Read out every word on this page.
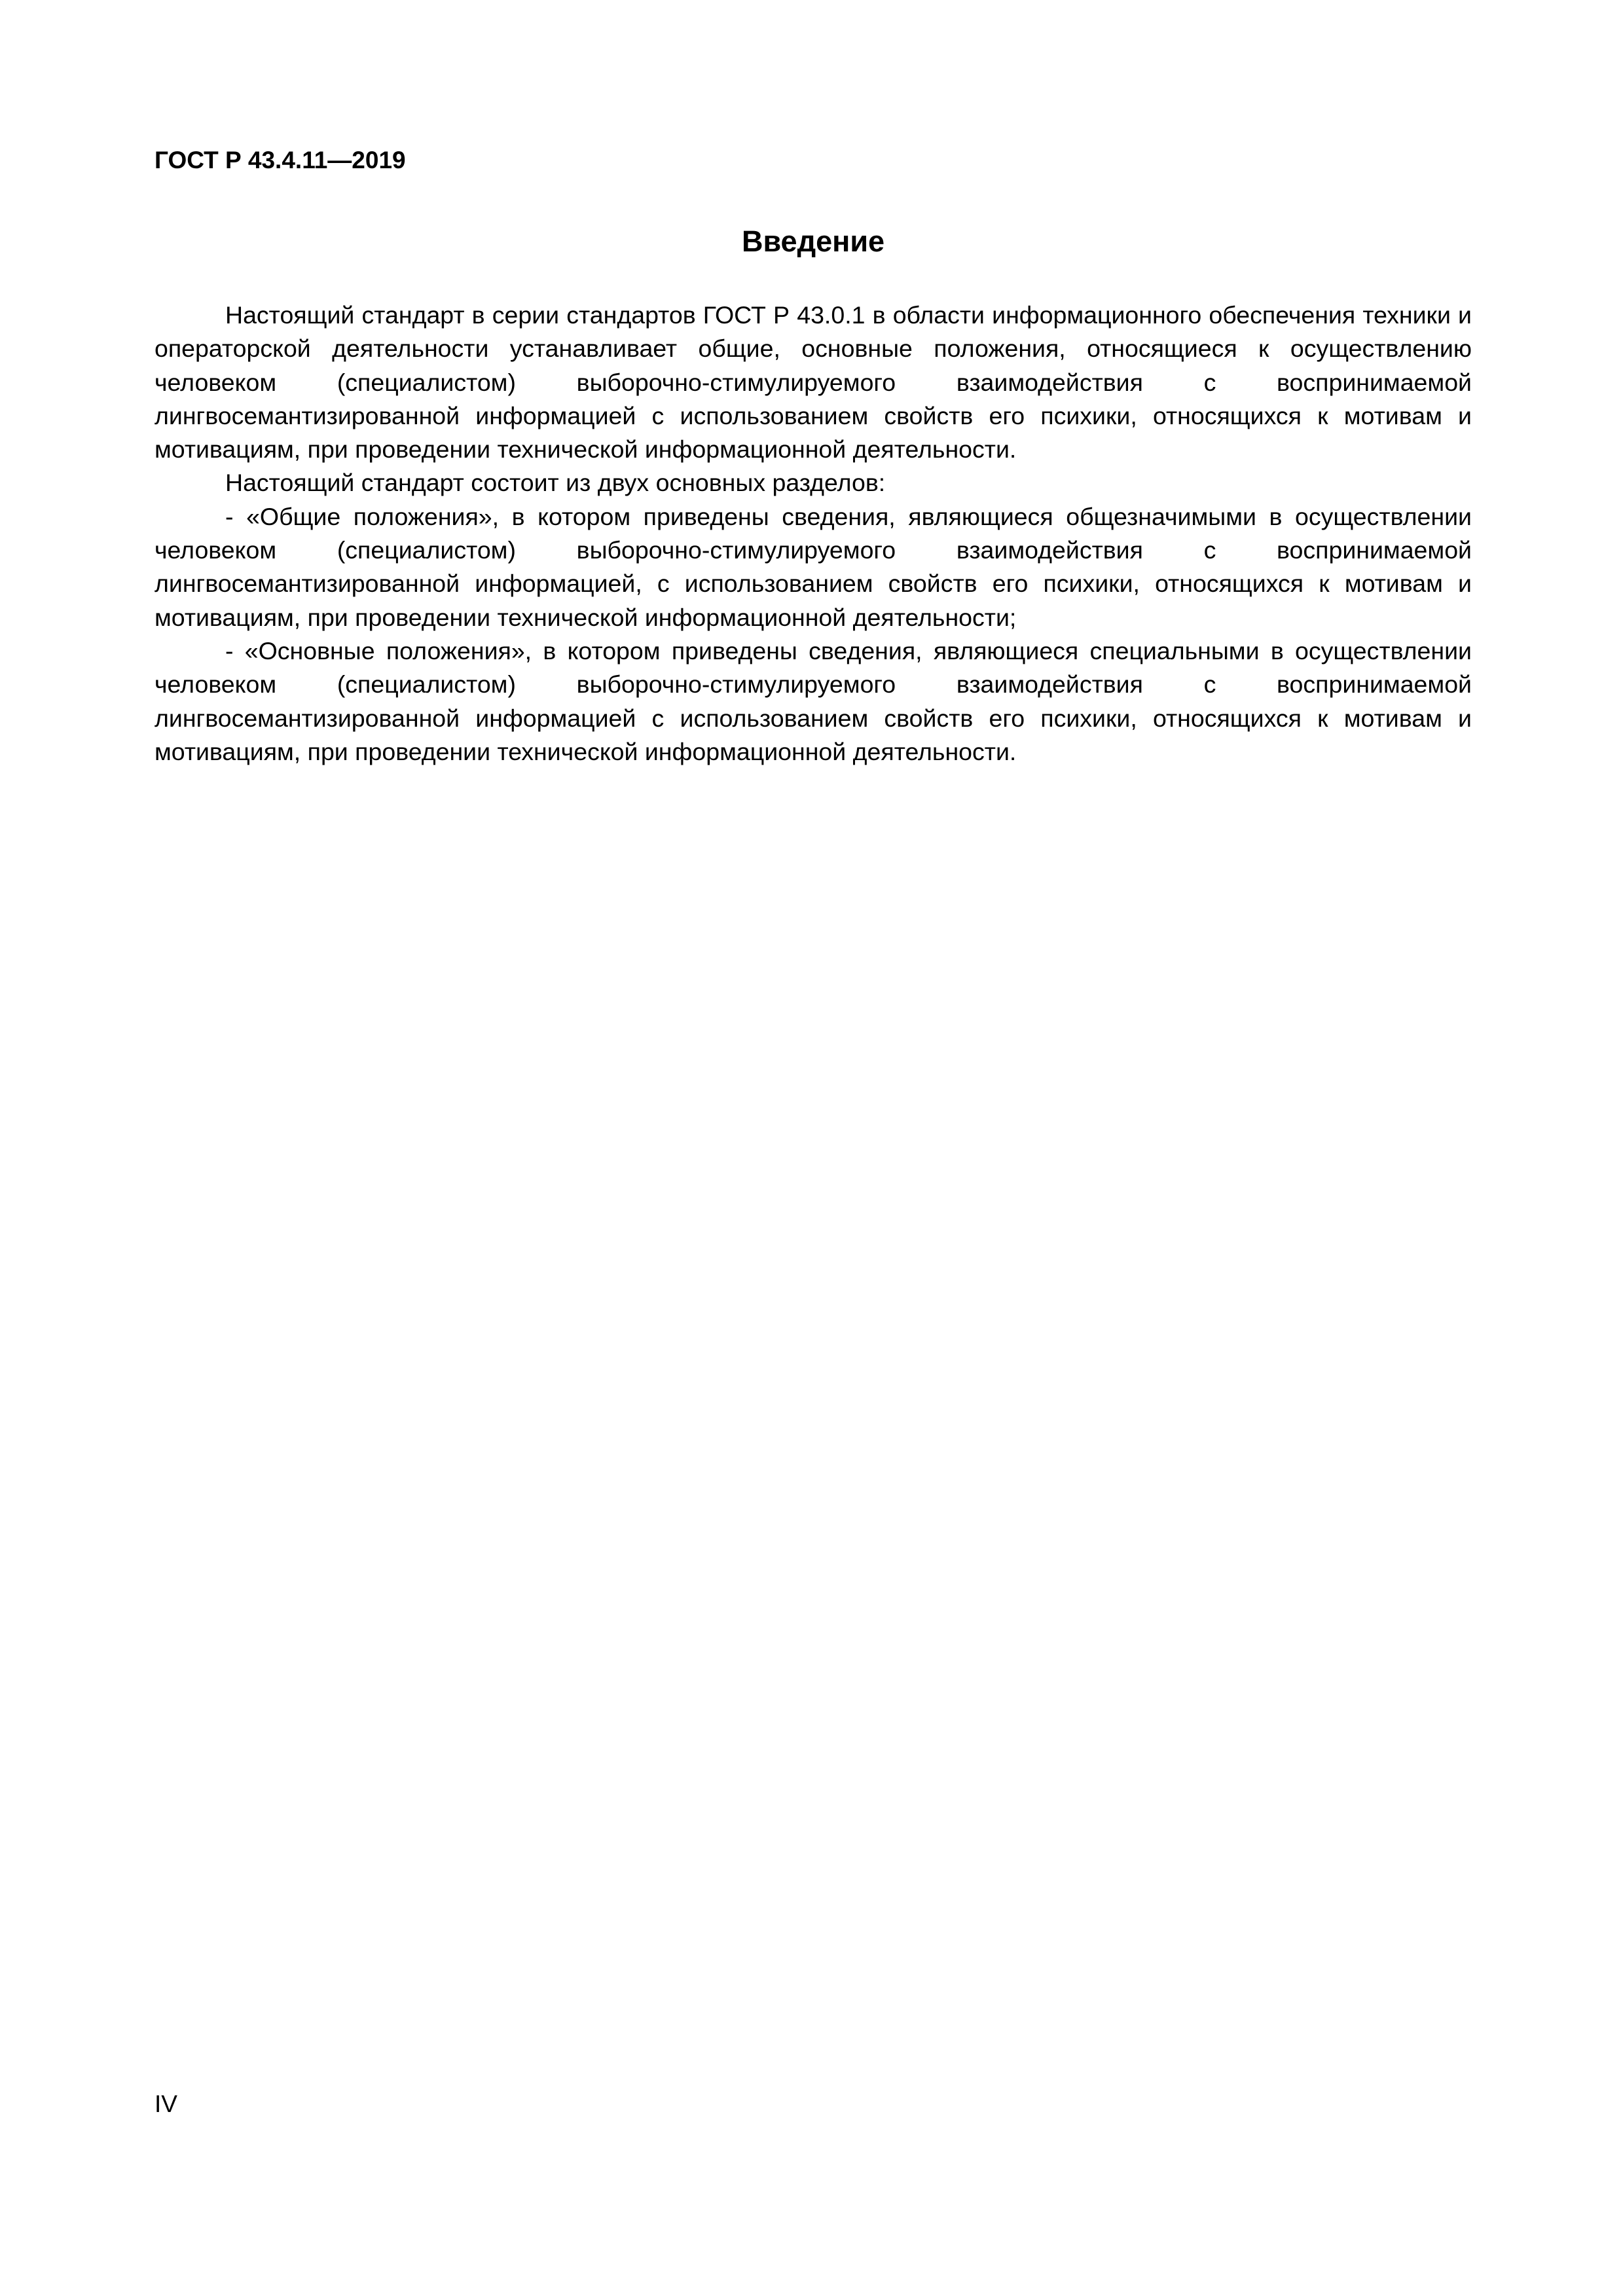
ГОСТ Р 43.4.11—2019
Введение

Настоящий стандарт в серии стандартов ГОСТ Р 43.0.1 в области информационного обеспечения техники и операторской деятельности устанавливает общие, основные положения, относящиеся к осуществлению человеком (специалистом) выборочно-стимулируемого взаимодействия с воспринимаемой лингвосемантизированной информацией с использованием свойств его психики, относящихся к мотивам и мотивациям, при проведении технической информационной деятельности.

Настоящий стандарт состоит из двух основных разделов:

- «Общие положения», в котором приведены сведения, являющиеся общезначимыми в осуществлении человеком (специалистом) выборочно-стимулируемого взаимодействия с воспринимаемой лингвосемантизированной информацией, с использованием свойств его психики, относящихся к мотивам и мотивациям, при проведении технической информационной деятельности;

- «Основные положения», в котором приведены сведения, являющиеся специальными в осуществлении человеком (специалистом) выборочно-стимулируемого взаимодействия с воспринимаемой лингвосемантизированной информацией с использованием свойств его психики, относящихся к мотивам и мотивациям, при проведении технической информационной деятельности.

IV
